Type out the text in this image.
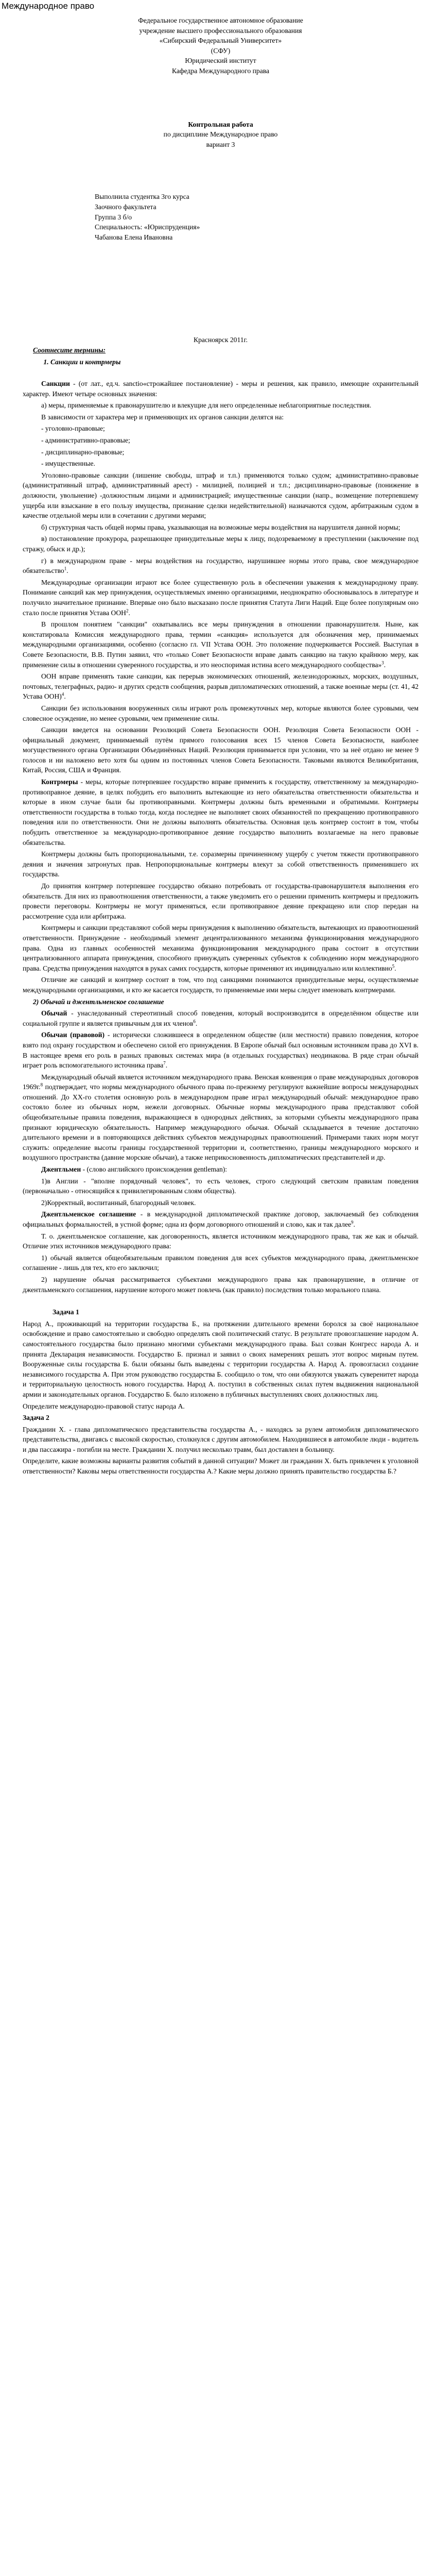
Международное право

Федеральное государственное автономное образование

учреждение высшего профессионального образования

«Сибирский Федеральный Университет»

(СФУ)

Юридический институт

Кафедра Международного права

Контрольная работа

по дисциплине Международное право

вариант 3

Выполнила студентка 3го курса

Заочного факультета

Группа 3 б/о

Специальность: «Юриспруденция»

Чабанова Елена Ивановна

Красноярск 2011г.

Соотнесите термины:

1. Санкции и контрмеры

Санкции - (от лат., ед.ч. sanctio«строжайшее постановление) - меры и решения, как правило, имеющие охранительный характер. Имеют четыре основных значения:

а) меры, применяемые к правонарушителю и влекущие для него определенные неблагоприятные последствия.

В зависимости от характера мер и применяющих их органов санкции делятся на:

- уголовно-правовые;

- административно-правовые;

- дисциплинарно-правовые;

- имущественные.

Уголовно-правовые санкции (лишение свободы, штраф и т.п.) применяются только судом; административно-правовые (административный штраф, административный арест) - милицией, полицией и т.п.; дисциплинарно-правовые (понижение в должности, увольнение) -должностным лицами и администрацией; имущественные санкции (напр., возмещение потерпевшему ущерба или взыскание в его пользу имущества, признание сделки недействительной) назначаются судом, арбитражным судом в качестве отдельной меры или в сочетании с другими мерами;

б) структурная часть общей нормы права, указывающая на возможные меры воздействия на нарушителя данной нормы;

в) постановление прокурора, разрешающее принудительные меры к лицу, подозреваемому в преступлении (заключение под стражу, обыск и др.);

г) в международном праве - меры воздействия на государство, нарушившее нормы этого права, свое международное обязательство$^1$.

Международные организации играют все более существенную роль в обеспечении уважения к международному праву. Понимание санкций как мер принуждения, осуществляемых именно организациями, неоднократно обосновывалось в литературе и получило значительное признание. Впервые оно было высказано после принятия Статута Лиги Наций. Еще более популярным оно стало после принятия Устава ООН$^2$.

В прошлом понятием "санкции" охватывались все меры принуждения в отношении правонарушителя. Ныне, как констатировала Комиссия международного права, термин «санкция» используется для обозначения мер, принимаемых международными организациями, особенно (согласно гл. VII Устава ООН. Это положение подчеркивается Россией. Выступая в Совете Безопасности, В.В. Путин заявил, что «только Совет Безопасности вправе давать санкцию на такую крайнюю меру, как применение силы в отношении суверенного государства, и это неоспоримая истина всего международного сообщества»$^3$.

ООН вправе применять такие санкции, как перерыв экономических отношений, железнодорожных, морских, воздушных, почтовых, телеграфных, радио- и других средств сообщения, разрыв дипломатических отношений, а также военные меры (ст. 41, 42 Устава ООН)$^4$.

Санкции без использования вооруженных силы играют роль промежуточных мер, которые являются более суровыми, чем словесное осуждение, но менее суровыми, чем применение силы.

Санкции введется на основании Резолюций Совета Безопасности ООН. Резолюция Совета Безопасности ООН - официальный документ, принимаемый путём прямого голосования всех 15 членов Совета Безопасности, наиболее могущественного органа Организации Объединённых Наций. Резолюция принимается при условии, что за неё отдано не менее 9 голосов и ни наложено вето хотя бы одним из постоянных членов Совета Безопасности. Таковыми являются Великобритания, Китай, Россия, США и Франция.

Контрмеры - меры, которые потерпевшее государство вправе применить к государству, ответственному за международно-противоправное деяние, в целях побудить его выполнить вытекающие из него обязательства ответственности обязательства и которые в ином случае были бы противоправными. Контрмеры должны быть временными и обратимыми. Контрмеры ответственности государства в только тогда, когда последнее не выполняет своих обязанностей по прекращению противоправного поведения или по ответственности. Они не должны выполнять обязательства. Основная цель контрмер состоит в том, чтобы побудить ответственное за международно-противоправное деяние государство выполнить возлагаемые на него правовые обязательства.

Контрмеры должны быть пропорциональными, т.е. соразмерны причиненному ущербу с учетом тяжести противоправного деяния и значения затронутых прав. Непропорциональные контрмеры влекут за собой ответственность применившего их государства.

До принятия контрмер потерпевшее государство обязано потребовать от государства-правонарушителя выполнения его обязательств. Для них из правоотношения ответственности, а также уведомить его о решении применить контрмеры и предложить провести переговоры. Контрмеры не могут применяться, если противоправное деяние прекращено или спор передан на рассмотрение суда или арбитража.

Контрмеры и санкции представляют собой меры принуждения к выполнению обязательств, вытекающих из правоотношений ответственности. Принуждение - необходимый элемент децентрализованного механизма функционирования международного права. Одна из главных особенностей механизма функционирования международного права состоит в отсутствии централизованного аппарата принуждения, способного принуждать суверенных субъектов к соблюдению норм международного права. Средства принуждения находятся в руках самих государств, которые применяют их индивидуально или коллективно$^5$.

Отличие же санкций и контрмер состоит в том, что под санкциями понимаются принудительные меры, осуществляемые международными организациями, и кто же касается государств, то применяемые ими меры следует именовать контрмерами.

2) Обычай и джентльменское соглашение

Обычай - унаследованный стереотипный способ поведения, который воспроизводится в определённом обществе или социальной группе и является привычным для их членов$^6$.

Обычаи (правовой) - исторически сложившееся в определенном обществе (или местности) правило поведения, которое взято под охрану государством и обеспечено силой его принуждения. В Европе обычай был основным источником права до XVI в. В настоящее время его роль в разных правовых системах мира (в отдельных государствах) неодинакова. В ряде стран обычай играет роль вспомогательного источника права$^7$.

Международный обычай является источником международного права. Венская конвенция о праве международных договоров 1969г.$^8$ подтверждает, что нормы международного обычного права по-прежнему регулируют важнейшие вопросы международных отношений. До XX-го столетия основную роль в международном праве играл международный обычай: международное право состояло более из обычных норм, нежели договорных. Обычные нормы международного права представляют собой общеобязательные правила поведения, выражающиеся в однородных действиях, за которыми субъекты международного права признают юридическую обязательность. Например международного обычая. Обычай складывается в течение достаточно длительного времени и в повторяющихся действиях субъектов международных правоотношений. Примерами таких норм могут служить: определение высоты границы государственной территории и, соответственно, границы международного морского и воздушного пространства (давние морские обычаи), а также неприкосновенность дипломатических представителей и др.

Джентльмен - (слово английского происхождения gentleman):

1)в Англии - "вполне порядочный человек", то есть человек, строго следующий светским правилам поведения (первоначально - относящийся к привилегированным слоям общества).

2)Корректный, воспитанный, благородный человек.

Джентльменское соглашение - в международной дипломатической практике договор, заключаемый без соблюдения официальных формальностей, в устной форме; одна из форм договорного отношений и слово, как и так далее$^9$.

Т. о. джентльменское соглашение, как договоренность, является источником международного права, так же как и обычай. Отличие этих источников международного права:

1) обычай является общеобязательным правилом поведения для всех субъектов международного права, джентльменское соглашение - лишь для тех, кто его заключил;

2) нарушение обычая рассматривается субъектами международного права как правонарушение, в отличие от джентльменского соглашения, нарушение которого может повлечь (как правило) последствия только морального плана.

Задача 1

Народ А., проживающий на территории государства Б., на протяжении длительного времени боролся за своё национальное освобождение и право самостоятельно и свободно определять свой политический статус. В результате провозглашение народом А. самостоятельного государства было признано многими субъектами международного права. Был созван Конгресс народа А. и принята Декларация независимости. Государство Б. признал и заявил о своих намерениях решать этот вопрос мирным путем. Вооруженные силы государства Б. были обязаны быть выведены с территории государства А. Народ А. провозгласил создание независимого государства А. При этом руководство государства Б. сообщило о том, что они обязуются уважать суверенитет народа и территориальную целостность нового государства. Народ А. поступил в собственных силах путем выдвижения национальной армии и законодательных органов. Государство Б. было изложено в публичных выступлениях своих должностных лиц.

Определите международно-правовой статус народа А.

Задача 2

Гражданин Х. - глава дипломатического представительства государства А., - находясь за рулем автомобиля дипломатического представительства, двигаясь с высокой скоростью, столкнулся с другим автомобилем. Находившиеся в автомобиле люди - водитель и два пассажира - погибли на месте. Гражданин Х. получил несколько травм, был доставлен в больницу.

Определите, какие возможны варианты развития событий в данной ситуации? Может ли гражданин Х. быть привлечен к уголовной ответственности? Каковы меры ответственности государства А.? Какие меры должно принять правительство государства Б.?
